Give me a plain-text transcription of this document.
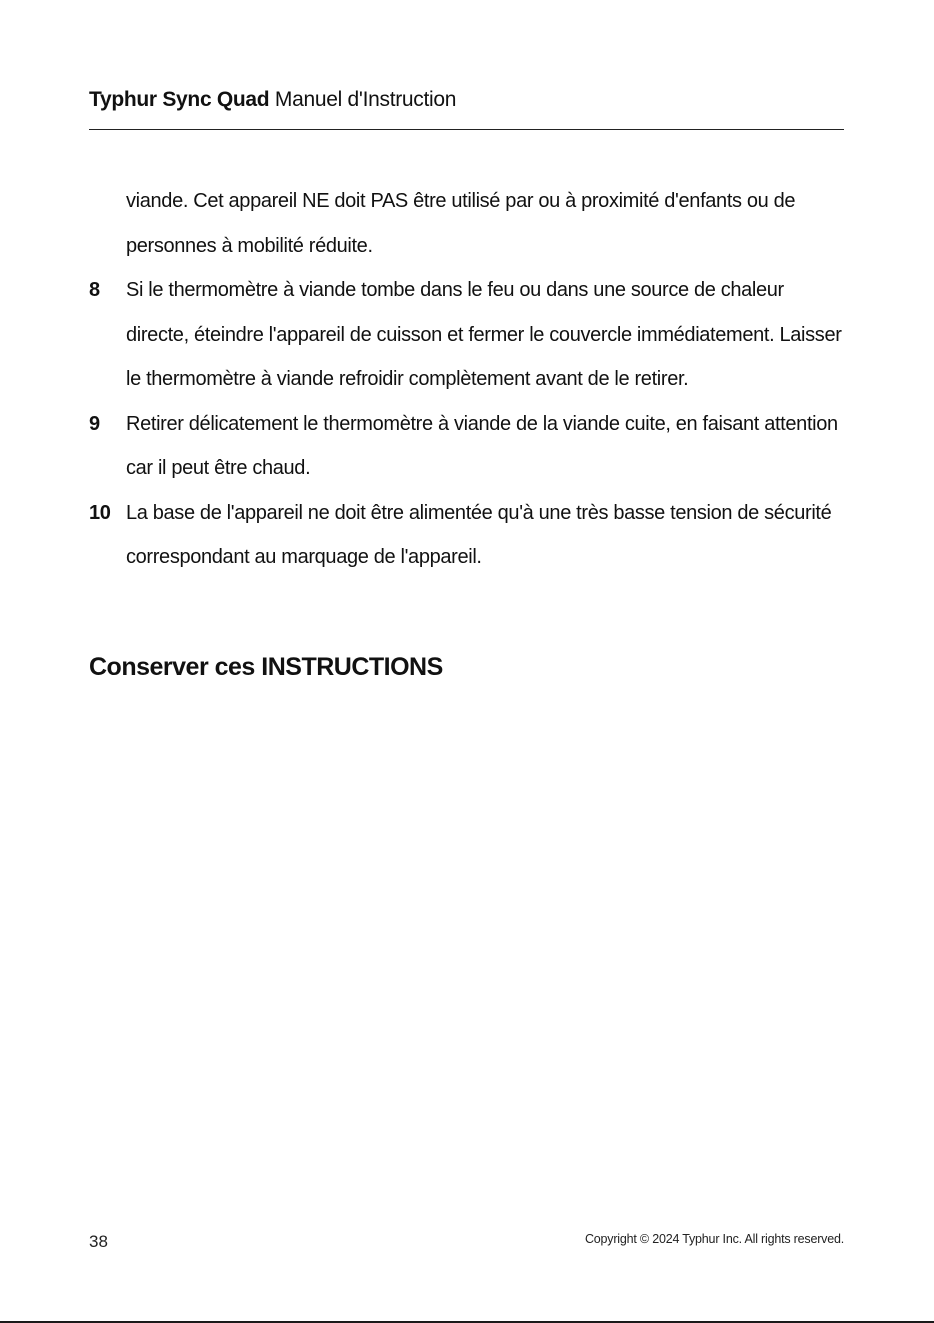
Typhur Sync Quad Manuel d'Instruction
viande. Cet appareil NE doit PAS être utilisé par ou à proximité d'enfants ou de personnes à mobilité réduite.
8 Si le thermomètre à viande tombe dans le feu ou dans une source de chaleur directe, éteindre l'appareil de cuisson et fermer le couvercle immédiatement. Laisser le thermomètre à viande refroidir complètement avant de le retirer.
9 Retirer délicatement le thermomètre à viande de la viande cuite, en faisant attention car il peut être chaud.
10 La base de l'appareil ne doit être alimentée qu'à une très basse tension de sécurité correspondant au marquage de l'appareil.
Conserver ces INSTRUCTIONS
38	Copyright © 2024 Typhur Inc. All rights reserved.
